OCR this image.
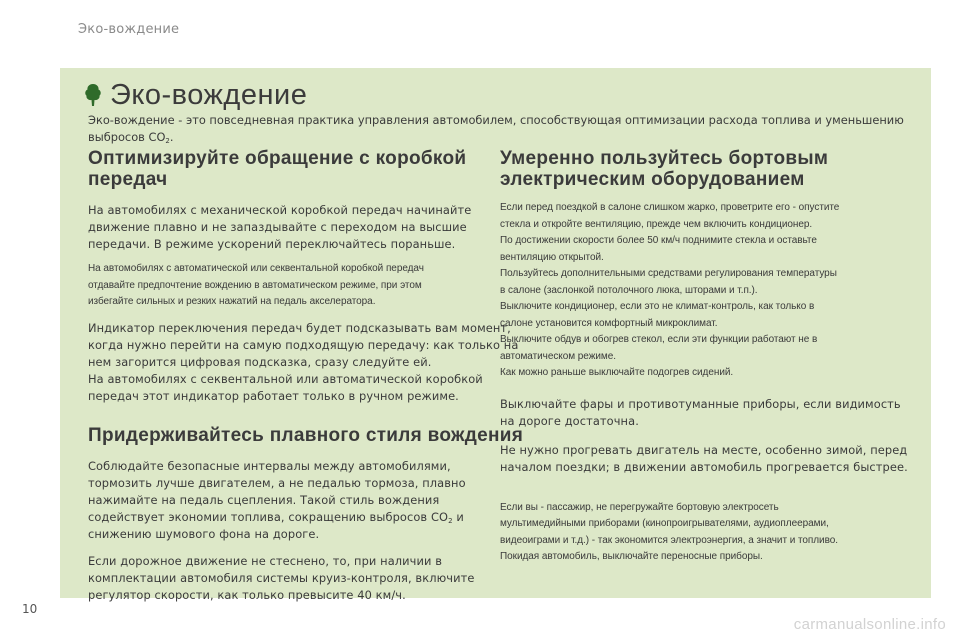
Эко-вождение
Эко-вождение
Эко-вождение - это повседневная практика управления автомобилем, способствующая оптимизации расхода топлива и уменьшению
выбросов $CO_2$.
Оптимизируйте обращение с коробкой
передач
На автомобилях с механической коробкой передач начинайте
движение плавно и не запаздывайте с переходом на высшие
передачи. В режиме ускорений переключайтесь пораньше.
На автомобилях с автоматической или секвентальной коробкой передач
отдавайте предпочтение вождению в автоматическом режиме, при этом
избегайте сильных и резких нажатий на педаль акселератора.
Индикатор переключения передач будет подсказывать вам момент,
когда нужно перейти на самую подходящую передачу: как только на
нем загорится цифровая подсказка, сразу следуйте ей.
На автомобилях с секвентальной или автоматической коробкой
передач этот индикатор работает только в ручном режиме.
Придерживайтесь плавного стиля вождения
Соблюдайте безопасные интервалы между автомобилями,
тормозить лучше двигателем, а не педалью тормоза, плавно
нажимайте на педаль сцепления. Такой стиль вождения
содействует экономии топлива, сокращению выбросов $CO_2$ и
снижению шумового фона на дороге.
Если дорожное движение не стеснено, то, при наличии в
комплектации автомобиля системы круиз-контроля, включите
регулятор скорости, как только превысите 40 км/ч.
Умеренно пользуйтесь бортовым
электрическим оборудованием
Если перед поездкой в салоне слишком жарко, проветрите его - опустите
стекла и откройте вентиляцию, прежде чем включить кондиционер.
По достижении скорости более 50 км/ч поднимите стекла и оставьте
вентиляцию открытой.
Пользуйтесь дополнительными средствами регулирования температуры
в салоне (заслонкой потолочного люка, шторами и т.п.).
Выключите кондиционер, если это не климат-контроль, как только в
салоне установится комфортный микроклимат.
Выключите обдув и обогрев стекол, если эти функции работают не в
автоматическом режиме.
Как можно раньше выключайте подогрев сидений.
Выключайте фары и противотуманные приборы, если видимость
на дороге достаточна.
Не нужно прогревать двигатель на месте, особенно зимой, перед
началом поездки; в движении автомобиль прогревается быстрее.
Если вы - пассажир, не перегружайте бортовую электросеть
мультимедийными приборами (кинопроигрывателями, аудиоплеерами,
видеоиграми и т.д.) - так экономится электроэнергия, а значит и топливо.
Покидая автомобиль, выключайте переносные приборы.
10
carmanualsonline.info
